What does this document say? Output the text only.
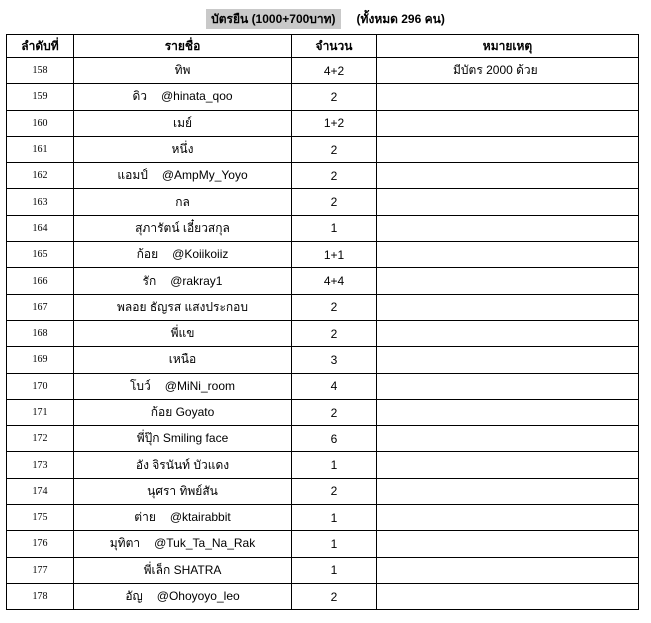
บัตรยืน (1000+700บาท) (ทั้งหมด 296 คน)
ลำดับที่	รายชื่อ	จำนวน	หมายเหตุ
158	ทิพ	4+2	มีบัตร 2000 ด้วย
159	ดิว @hinata_qoo	2	
160	เมย์	1+2	
161	หนึ่ง	2	
162	แอมป์ @AmpMy_Yoyo	2	
163	กล	2	
164	สุภารัตน์ เอี๋ยวสกุล	1	
165	ก้อย @Koiikoiiz	1+1	
166	รัก @rakray1	4+4	
167	พลอย ธัญรส แสงประกอบ	2	
168	พี่แข	2	
169	เหนือ	3	
170	โบว์ @MiNi_room	4	
171	ก้อย Goyato	2	
172	พี่ปุ๊ก Smiling face	6	
173	อัง จิรนันท์ บัวแดง	1	
174	นุศรา ทิพย์สัน	2	
175	ต่าย @ktairabbit	1	
176	มุทิตา @Tuk_Ta_Na_Rak	1	
177	พี่เล็ก SHATRA	1	
178	อัญ @Ohoyoyo_leo	2	
